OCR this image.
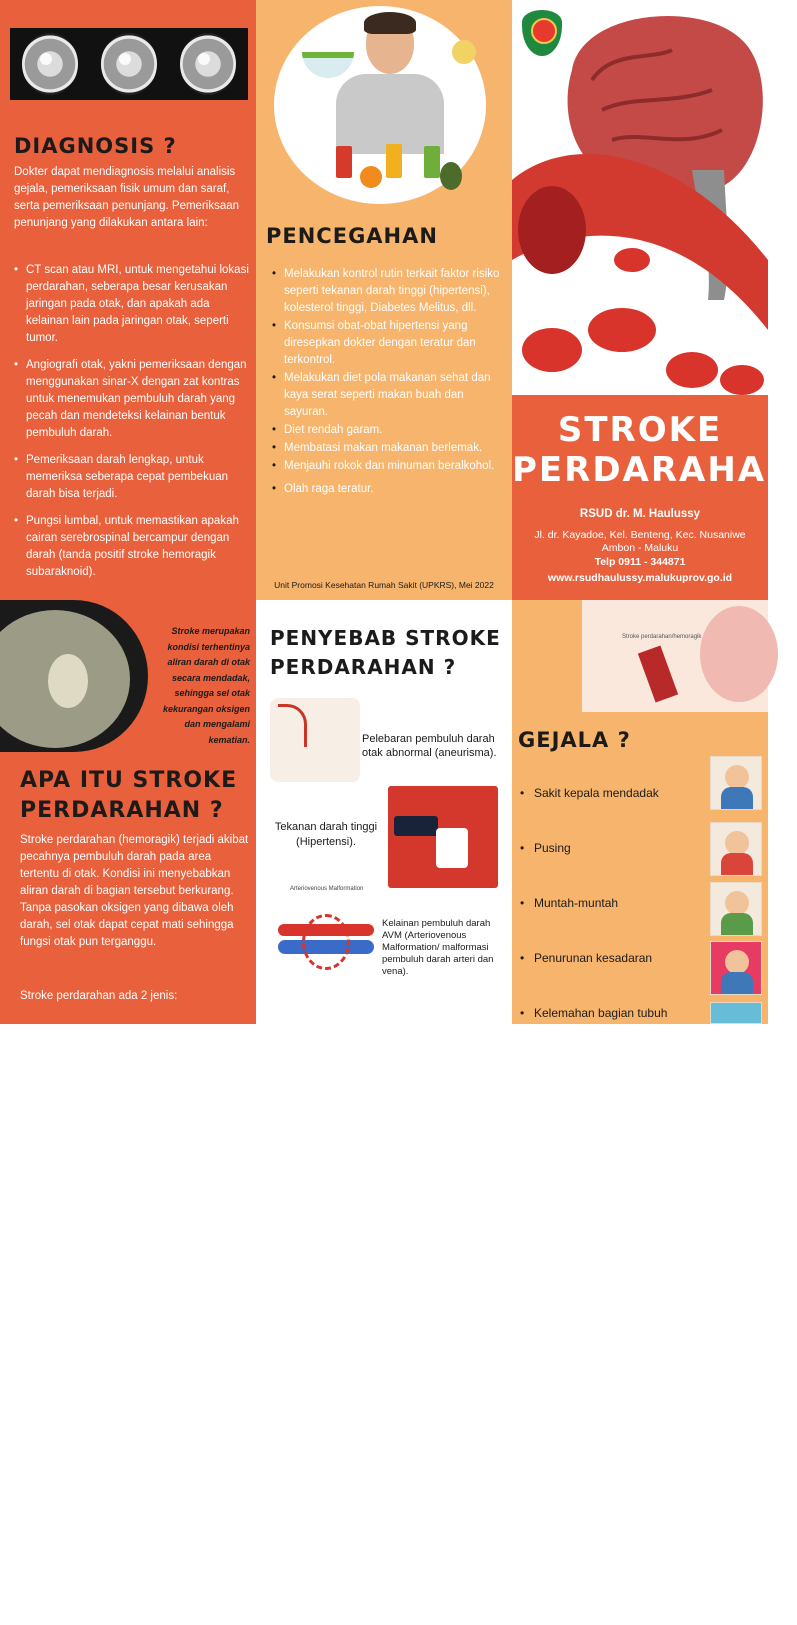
DIAGNOSIS ?

Dokter dapat mendiagnosis melalui analisis gejala, pemeriksaan fisik umum dan saraf, serta pemeriksaan penunjang. Pemeriksaan penunjang yang dilakukan antara lain:

• CT scan atau MRI, untuk mengetahui lokasi perdarahan, seberapa besar kerusakan jaringan pada otak, dan apakah ada kelainan lain pada jaringan otak, seperti tumor.
• Angiografi otak, yakni pemeriksaan dengan menggunakan sinar-X dengan zat kontras untuk menemukan pembuluh darah yang pecah dan mendeteksi kelainan bentuk pembuluh darah.
• Pemeriksaan darah lengkap, untuk memeriksa seberapa cepat pembekuan darah bisa terjadi.
• Pungsi lumbal, untuk memastikan apakah cairan serebrospinal bercampur dengan darah (tanda positif stroke hemoragik subaraknoid).
PENCEGAHAN
• Melakukan kontrol rutin terkait faktor risiko seperti tekanan darah tinggi (hipertensi), kolesterol tinggi, Diabetes Melitus, dll.
• Konsumsi obat-obat hipertensi yang diresepkan dokter dengan teratur dan terkontrol.
• Melakukan diet pola makanan sehat dan kaya serat seperti makan buah dan sayuran.
• Diet rendah garam.
• Membatasi makan makanan berlemak.
• Menjauhi rokok dan minuman beralkohol.
• Olah raga teratur.

Unit Promosi Kesehatan Rumah Sakit (UPKRS), Mei 2022

STROKE
PERDARAHAN

RSUD dr. M. Haulussy

Jl. dr. Kayadoe, Kel. Benteng, Kec. Nusaniwe Ambon - Maluku

Telp 0911 - 344871

www.rsudhaulussy.malukuprov.go.id

Stroke merupakan kondisi terhentinya aliran darah di otak secara mendadak, sehingga sel otak kekurangan oksigen dan mengalami kematian.

APA ITU STROKE PERDARAHAN ?

Stroke perdarahan (hemoragik) terjadi akibat pecahnya pembuluh darah pada area tertentu di otak. Kondisi ini menyebabkan aliran darah di bagian tersebut berkurang. Tanpa pasokan oksigen yang dibawa oleh darah, sel otak dapat cepat mati sehingga fungsi otak pun terganggu.

Stroke perdarahan ada 2 jenis:

• Perdarahan intraserebral, yakni

PENYEBAB STROKE PERDARAHAN ?

Pelebaran pembuluh darah otak abnormal (aneurisma).

Tekanan darah tinggi (Hipertensi).

Arteriovenous Malformation

Kelainan pembuluh darah AVM (Arteriovenous Malformation/ malformasi pembuluh darah arteri dan vena).

Stroke perdarahan/hemoragik

GEJALA ?

• Sakit kepala mendadak

• Pusing

• Muntah-muntah

• Penurunan kesadaran

• Kelemahan bagian tubuh
